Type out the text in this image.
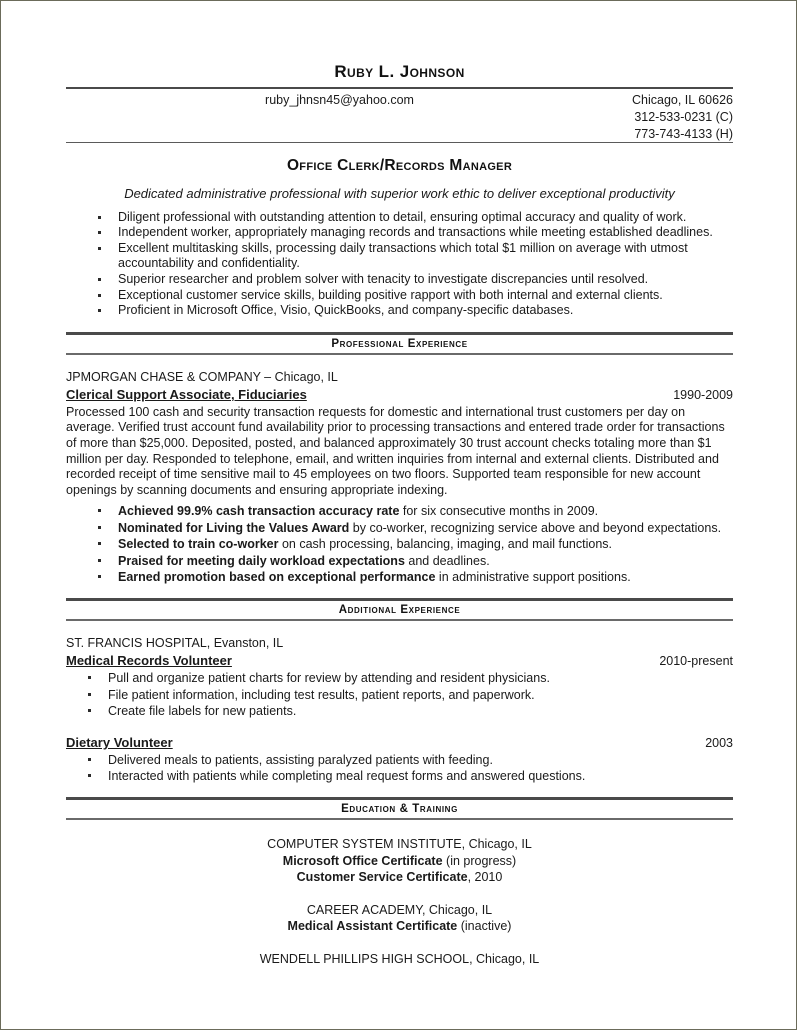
Ruby L. Johnson
ruby_jhnsn45@yahoo.com	Chicago, IL 60626
312-533-0231 (C)
773-743-4133 (H)
Office Clerk/Records Manager
Dedicated administrative professional with superior work ethic to deliver exceptional productivity
Diligent professional with outstanding attention to detail, ensuring optimal accuracy and quality of work.
Independent worker, appropriately managing records and transactions while meeting established deadlines.
Excellent multitasking skills, processing daily transactions which total $1 million on average with utmost accountability and confidentiality.
Superior researcher and problem solver with tenacity to investigate discrepancies until resolved.
Exceptional customer service skills, building positive rapport with both internal and external clients.
Proficient in Microsoft Office, Visio, QuickBooks, and company-specific databases.
Professional Experience
JPMORGAN CHASE & COMPANY – Chicago, IL
Clerical Support Associate, Fiduciaries	1990-2009
Processed 100 cash and security transaction requests for domestic and international trust customers per day on average. Verified trust account fund availability prior to processing transactions and entered trade order for transactions of more than $25,000. Deposited, posted, and balanced approximately 30 trust account checks totaling more than $1 million per day. Responded to telephone, email, and written inquiries from internal and external clients. Distributed and recorded receipt of time sensitive mail to 45 employees on two floors. Supported team responsible for new account openings by scanning documents and ensuring appropriate indexing.
Achieved 99.9% cash transaction accuracy rate for six consecutive months in 2009.
Nominated for Living the Values Award by co-worker, recognizing service above and beyond expectations.
Selected to train co-worker on cash processing, balancing, imaging, and mail functions.
Praised for meeting daily workload expectations and deadlines.
Earned promotion based on exceptional performance in administrative support positions.
Additional Experience
ST. FRANCIS HOSPITAL, Evanston, IL
Medical Records Volunteer	2010-present
Pull and organize patient charts for review by attending and resident physicians.
File patient information, including test results, patient reports, and paperwork.
Create file labels for new patients.
Dietary Volunteer	2003
Delivered meals to patients, assisting paralyzed patients with feeding.
Interacted with patients while completing meal request forms and answered questions.
Education & Training
COMPUTER SYSTEM INSTITUTE, Chicago, IL
Microsoft Office Certificate (in progress)
Customer Service Certificate, 2010
CAREER ACADEMY, Chicago, IL
Medical Assistant Certificate (inactive)
WENDELL PHILLIPS HIGH SCHOOL, Chicago, IL
